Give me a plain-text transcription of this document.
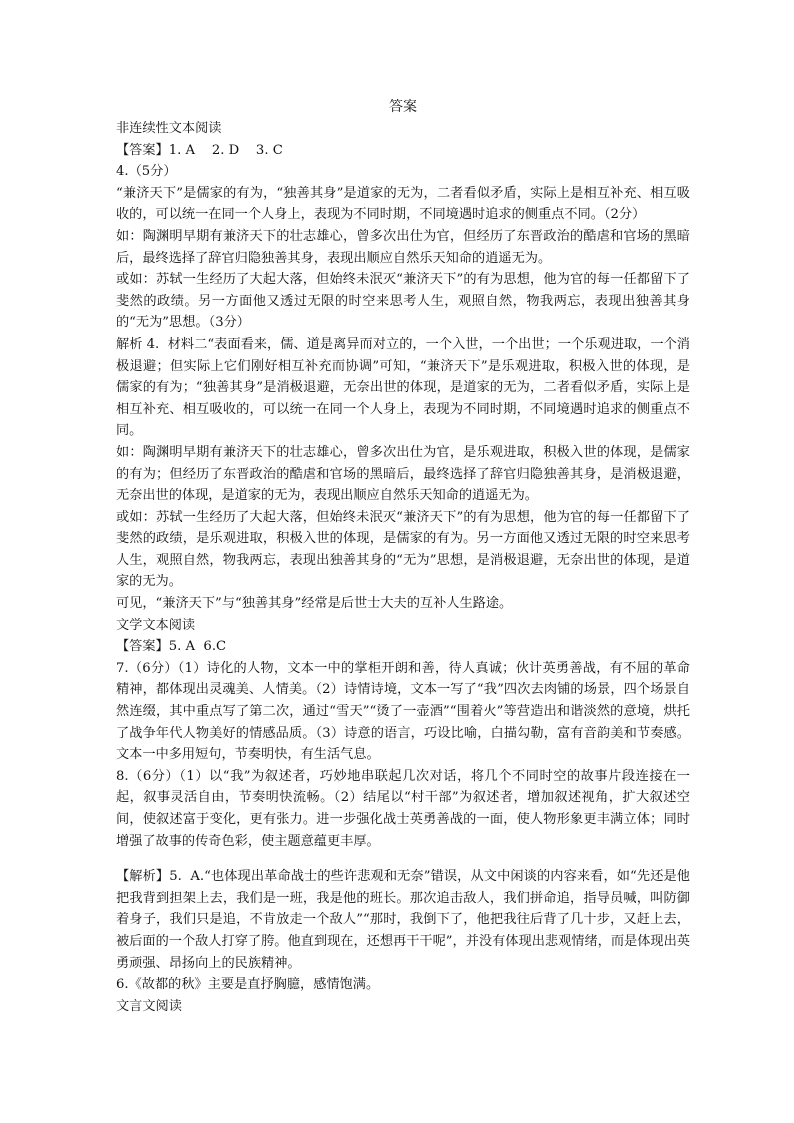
答案
非连续性文本阅读
【答案】1. A    2. D    3. C
4.（5分）
“兼济天下”是儒家的有为，“独善其身”是道家的无为，二者看似矛盾，实际上是相互补充、相互吸收的，可以统一在同一个人身上，表现为不同时期，不同境遇时追求的侧重点不同。（2分）
如：陶渊明早期有兼济天下的壮志雄心，曾多次出仕为官，但经历了东晋政治的酷虐和官场的黑暗后，最终选择了辞官归隐独善其身，表现出顺应自然乐天知命的逍遥无为。
或如：苏轼一生经历了大起大落，但始终未泯灭“兼济天下”的有为思想，他为官的每一任都留下了斐然的政绩。另一方面他又透过无限的时空来思考人生，观照自然，物我两忘，表现出独善其身的“无为”思想。（3分）
解析 4.  材料二“表面看来，儒、道是离异而对立的，一个入世，一个出世；一个乐观进取，一个消极退避；但实际上它们刚好相互补充而协调”可知，“兼济天下”是乐观进取，积极入世的体现，是儒家的有为；“独善其身”是消极退避，无奈出世的体现，是道家的无为，二者看似矛盾，实际上是相互补充、相互吸收的，可以统一在同一个人身上，表现为不同时期，不同境遇时追求的侧重点不同。
如：陶渊明早期有兼济天下的壮志雄心，曾多次出仕为官，是乐观进取，积极入世的体现，是儒家的有为；但经历了东晋政治的酷虐和官场的黑暗后，最终选择了辞官归隐独善其身，是消极退避，无奈出世的体现，是道家的无为，表现出顺应自然乐天知命的逍遥无为。
或如：苏轼一生经历了大起大落，但始终未泯灭“兼济天下”的有为思想，他为官的每一任都留下了斐然的政绩，是乐观进取，积极入世的体现，是儒家的有为。另一方面他又透过无限的时空来思考人生，观照自然，物我两忘，表现出独善其身的“无为”思想，是消极退避，无奈出世的体现，是道家的无为。
可见，“兼济天下”与“独善其身”经常是后世士大夫的互补人生路途。
文学文本阅读
【答案】5. A  6.C
7.（6分）（1）诗化的人物，文本一中的掌柜开朗和善，待人真诚；伙计英勇善战，有不屈的革命精神，都体现出灵魂美、人情美。（2）诗情诗境，文本一写了“我”四次去肉铺的场景，四个场景自然连缀，其中重点写了第二次，通过“雪天”“烫了一壶酒”“围着火”等营造出和谐淡然的意境，烘托了战争年代人物美好的情感品质。（3）诗意的语言，巧设比喻，白描勾勒，富有音韵美和节奏感。文本一中多用短句，节奏明快，有生活气息。
8.（6分）（1）以“我”为叙述者，巧妙地串联起几次对话，将几个不同时空的故事片段连接在一起，叙事灵活自由，节奏明快流畅。（2）结尾以“村干部”为叙述者，增加叙述视角，扩大叙述空间，使叙述富于变化，更有张力。进一步强化战士英勇善战的一面，使人物形象更丰满立体；同时增强了故事的传奇色彩，使主题意蕴更丰厚。
【解析】5.  A.“也体现出革命战士的些许悲观和无奈”错误，从文中闲谈的内容来看，如“先还是他把我背到担架上去，我们是一班，我是他的班长。那次追击敌人，我们拼命追，指导员喊，叫防御着身子，我们只是追，不肯放走一个敌人”“那时，我倒下了，他把我往后背了几十步，又赶上去，被后面的一个敌人打穿了胯。他直到现在，还想再干干呢”，并没有体现出悲观情绪，而是体现出英勇顽强、昂扬向上的民族精神。
6.《故都的秋》主要是直抒胸臆，感情饱满。
文言文阅读
